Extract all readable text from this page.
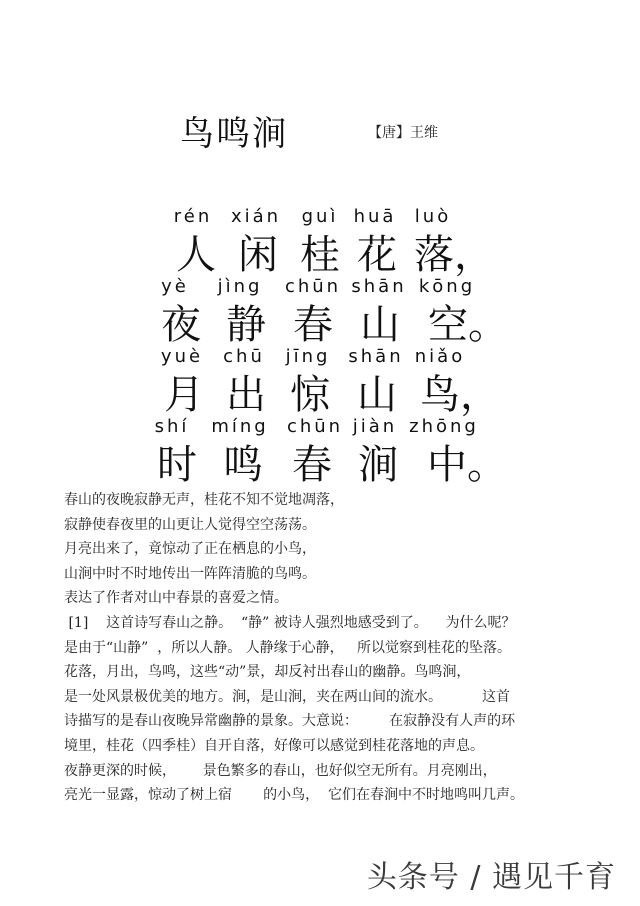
鸟鸣涧	【唐】王维
rén xián guì huā luò
人 闲 桂 花 落 ，
yè jìng chūn shān kōng
夜 静 春 山 空 。
yuè chū jīng shān niǎo
月 出 惊 山 鸟 ，
shí míng chūn jiàn zhōng
时 鸣 春 涧 中 。

春山的夜晚寂静无声，桂花不知不觉地凋落，

寂静使春夜里的山更让人觉得空空荡荡。

月亮出来了，竟惊动了正在栖息的小鸟，

山涧中时不时地传出一阵阵清脆的鸟鸣。

表达了作者对山中春景的喜爱之情。

[1]    这首诗写春山之静。  “静” 被诗人强烈地感受到了。    为什么呢？

是由于“山静”  ，所以人静。 人静缘于心静，   所以觉察到桂花的坠落。

花落，月出，鸟鸣，这些“动”景，却反衬出春山的幽静。鸟鸣涧，

是一处风景极优美的地方。涧，是山涧，夹在两山间的流水。         这首

诗描写的是春山夜晚异常幽静的景象。大意说：       在寂静没有人声的环

境里，桂花（四季桂）自开自落，好像可以感觉到桂花落地的声息。

夜静更深的时候，      景色繁多的春山，也好似空无所有。月亮刚出，

亮光一显露，惊动了树上宿       的小鸟，  它们在春涧中不时地鸣叫几声。

头条号 / 遇见千育
